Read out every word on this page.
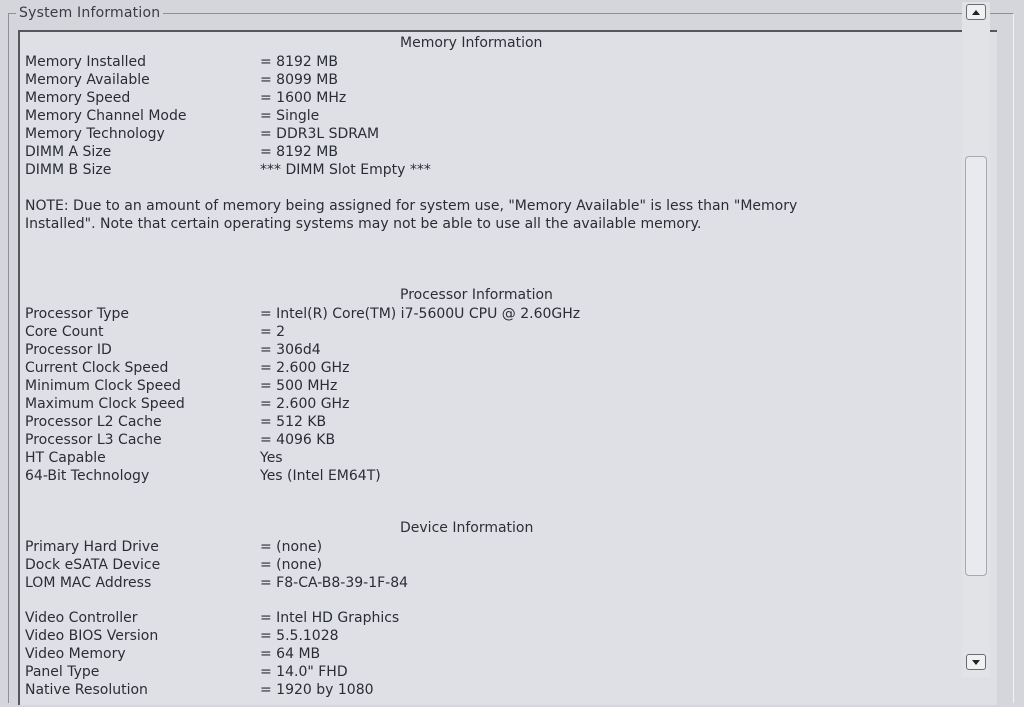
System Information
Memory Information
Memory Installed	= 8192 MB
Memory Available	= 8099 MB
Memory Speed	= 1600 MHz
Memory Channel Mode	= Single
Memory Technology	= DDR3L SDRAM
DIMM A Size	= 8192 MB
DIMM B Size	*** DIMM Slot Empty ***
NOTE: Due to an amount of memory being assigned for system use, "Memory Available" is less than "Memory Installed". Note that certain operating systems may not be able to use all the available memory.
Processor Information
Processor Type	= Intel(R) Core(TM) i7-5600U CPU @ 2.60GHz
Core Count	= 2
Processor ID	= 306d4
Current Clock Speed	= 2.600 GHz
Minimum Clock Speed	= 500 MHz
Maximum Clock Speed	= 2.600 GHz
Processor L2 Cache	= 512 KB
Processor L3 Cache	= 4096 KB
HT Capable	Yes
64-Bit Technology	Yes (Intel EM64T)
Device Information
Primary Hard Drive	= (none)
Dock eSATA Device	= (none)
LOM MAC Address	= F8-CA-B8-39-1F-84
Video Controller	= Intel HD Graphics
Video BIOS Version	= 5.5.1028
Video Memory	= 64 MB
Panel Type	= 14.0" FHD
Native Resolution	= 1920 by 1080
